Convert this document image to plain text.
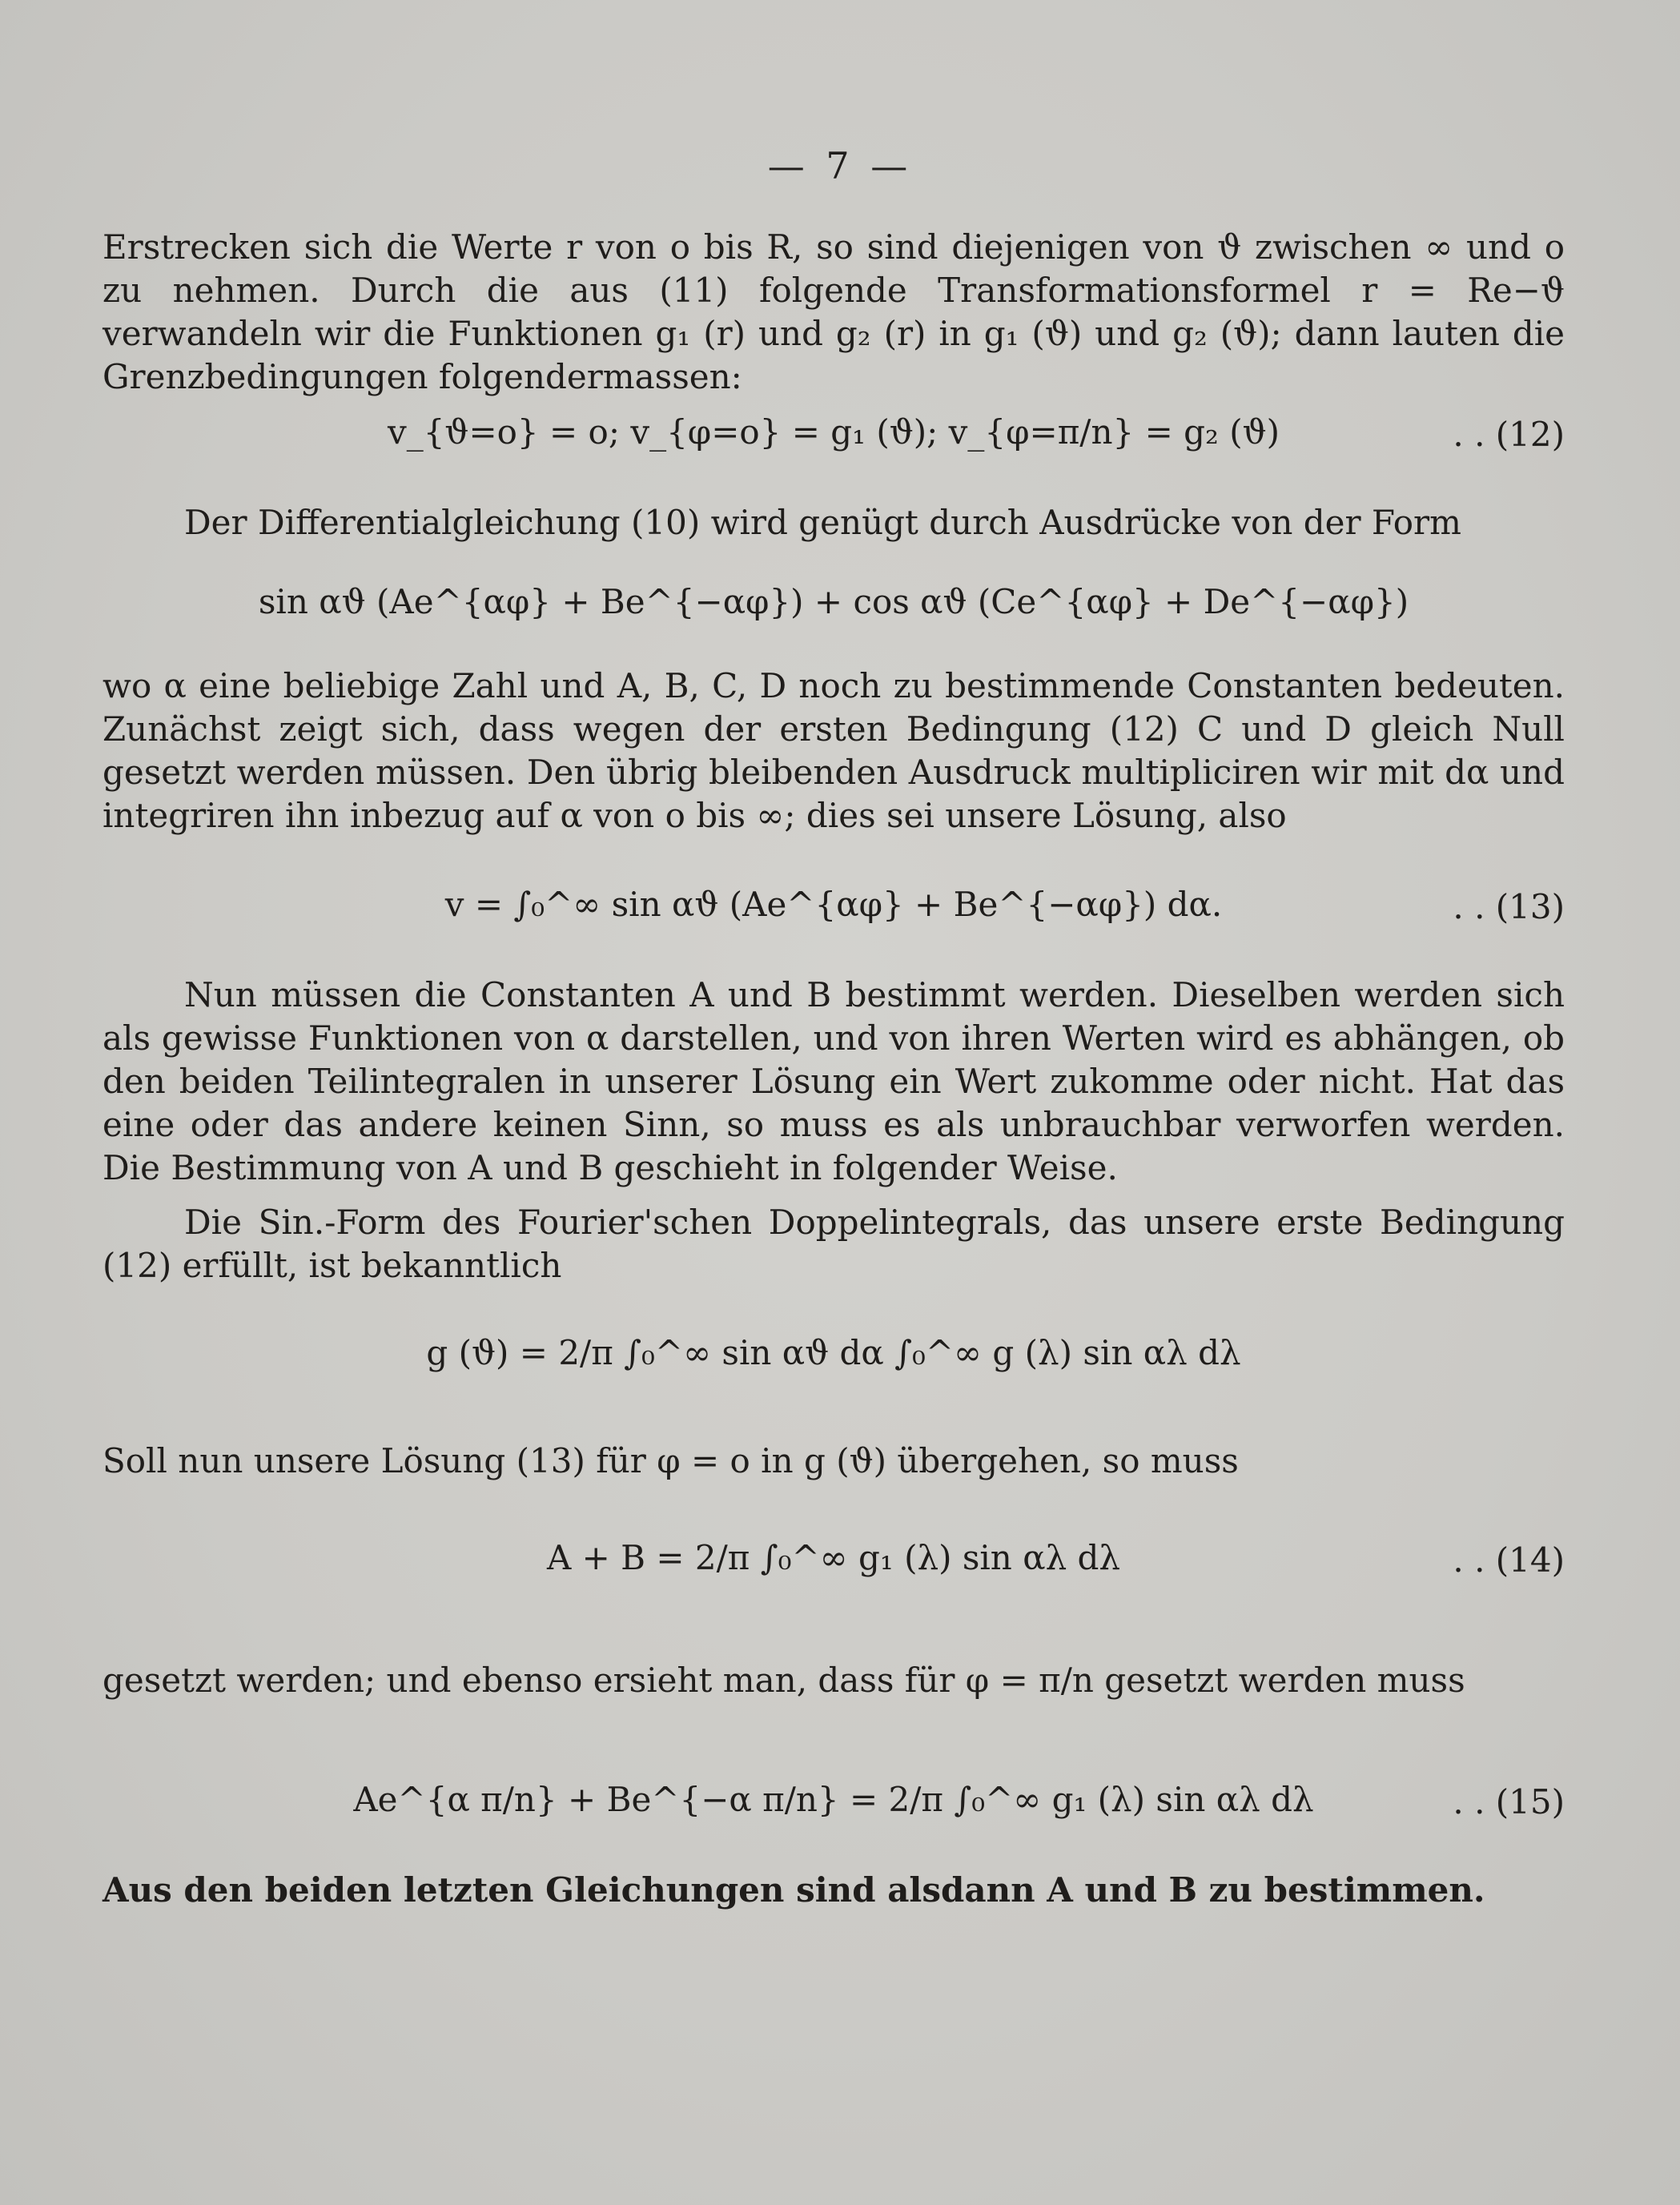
— 7 —

Erstrecken sich die Werte r von o bis R, so sind diejenigen von ϑ zwischen ∞ und o zu nehmen. Durch die aus (11) folgende Transformationsformel r = Re−ϑ verwandeln wir die Funktionen g₁ (r) und g₂ (r) in g₁ (ϑ) und g₂ (ϑ); dann lauten die Grenzbedingungen folgendermassen:

v_{ϑ=o} = o; v_{φ=o} = g₁ (ϑ); v_{φ=π/n} = g₂ (ϑ)	. . (12)

Der Differentialgleichung (10) wird genügt durch Ausdrücke von der Form

sin αϑ (Ae^{αφ} + Be^{−αφ}) + cos αϑ (Ce^{αφ} + De^{−αφ})

wo α eine beliebige Zahl und A, B, C, D noch zu bestimmende Constanten bedeuten. Zunächst zeigt sich, dass wegen der ersten Bedingung (12) C und D gleich Null gesetzt werden müssen. Den übrig bleibenden Ausdruck multipliciren wir mit dα und integriren ihn inbezug auf α von o bis ∞; dies sei unsere Lösung, also

v = ∫₀^∞ sin αϑ (Ae^{αφ} + Be^{−αφ}) dα.	. . (13)

Nun müssen die Constanten A und B bestimmt werden. Dieselben werden sich als gewisse Funktionen von α darstellen, und von ihren Werten wird es abhängen, ob den beiden Teilintegralen in unserer Lösung ein Wert zukomme oder nicht. Hat das eine oder das andere keinen Sinn, so muss es als unbrauchbar verworfen werden. Die Bestimmung von A und B geschieht in folgender Weise.

Die Sin.-Form des Fourier'schen Doppelintegrals, das unsere erste Bedingung (12) erfüllt, ist bekanntlich

g (ϑ) = 2/π ∫₀^∞ sin αϑ dα ∫₀^∞ g (λ) sin αλ dλ

Soll nun unsere Lösung (13) für φ = o in g (ϑ) übergehen, so muss

A + B = 2/π ∫₀^∞ g₁ (λ) sin αλ dλ	. . (14)

gesetzt werden; und ebenso ersieht man, dass für φ = π/n gesetzt werden muss

Ae^{α π/n} + Be^{−α π/n} = 2/π ∫₀^∞ g₁ (λ) sin αλ dλ	. . (15)

Aus den beiden letzten Gleichungen sind alsdann A und B zu bestimmen.
